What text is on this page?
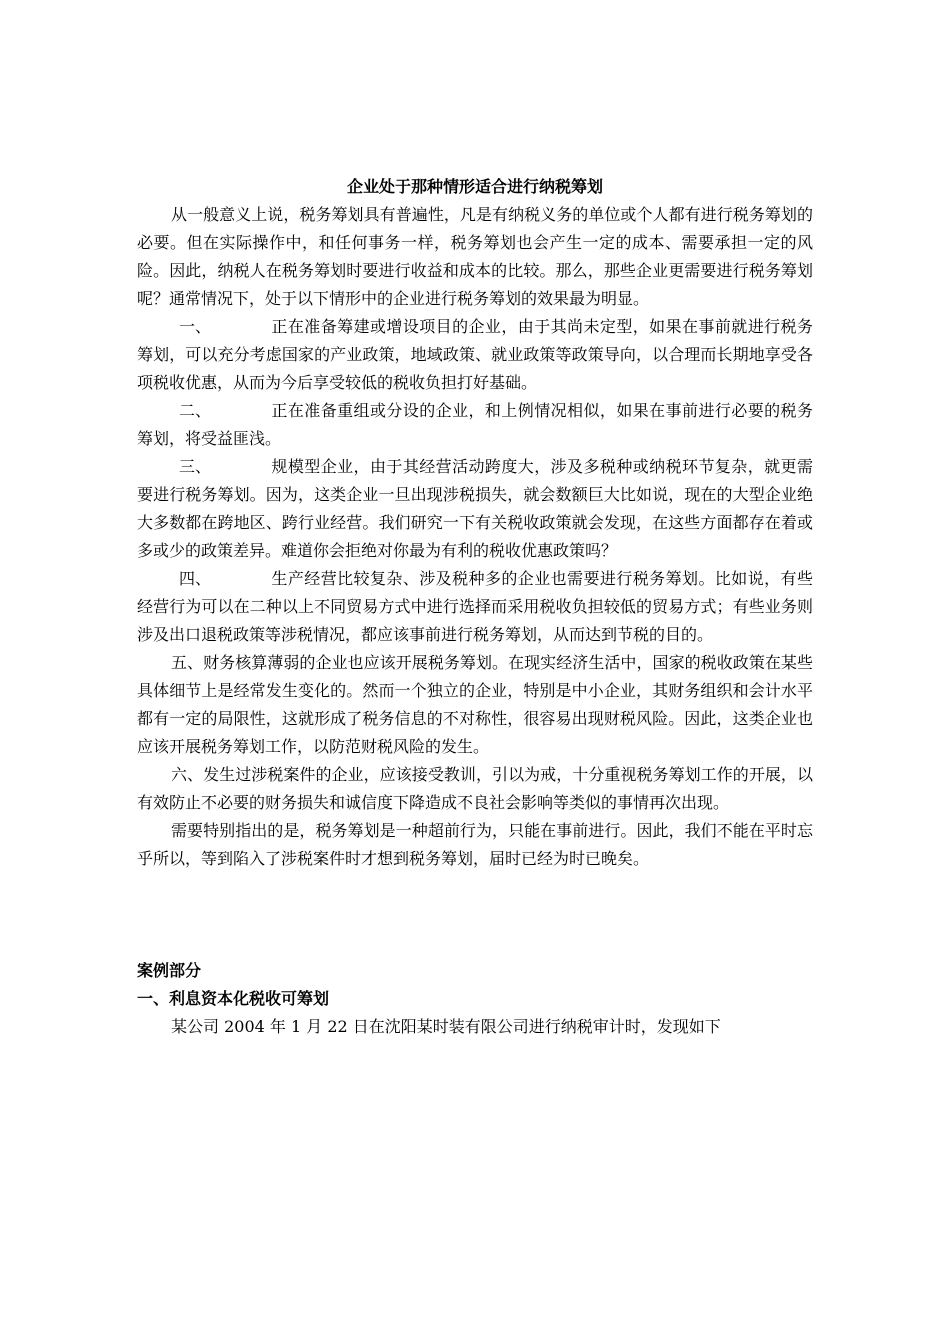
企业处于那种情形适合进行纳税筹划

从一般意义上说，税务筹划具有普遍性，凡是有纳税义务的单位或个人都有进行税务筹划的必要。但在实际操作中，和任何事务一样，税务筹划也会产生一定的成本、需要承担一定的风险。因此，纳税人在税务筹划时要进行收益和成本的比较。那么，那些企业更需要进行税务筹划呢？通常情况下，处于以下情形中的企业进行税务筹划的效果最为明显。

一、	正在准备筹建或增设项目的企业，由于其尚未定型，如果在事前就进行税务筹划，可以充分考虑国家的产业政策，地域政策、就业政策等政策导向，以合理而长期地享受各项税收优惠，从而为今后享受较低的税收负担打好基础。

二、	正在准备重组或分设的企业，和上例情况相似，如果在事前进行必要的税务筹划，将受益匪浅。

三、	规模型企业，由于其经营活动跨度大，涉及多税种或纳税环节复杂，就更需要进行税务筹划。因为，这类企业一旦出现涉税损失，就会数额巨大比如说，现在的大型企业绝大多数都在跨地区、跨行业经营。我们研究一下有关税收政策就会发现，在这些方面都存在着或多或少的政策差异。难道你会拒绝对你最为有利的税收优惠政策吗？

四、	生产经营比较复杂、涉及税种多的企业也需要进行税务筹划。比如说，有些经营行为可以在二种以上不同贸易方式中进行选择而采用税收负担较低的贸易方式；有些业务则涉及出口退税政策等涉税情况，都应该事前进行税务筹划，从而达到节税的目的。

五、财务核算薄弱的企业也应该开展税务筹划。在现实经济生活中，国家的税收政策在某些具体细节上是经常发生变化的。然而一个独立的企业，特别是中小企业，其财务组织和会计水平都有一定的局限性，这就形成了税务信息的不对称性，很容易出现财税风险。因此，这类企业也应该开展税务筹划工作，以防范财税风险的发生。

六、发生过涉税案件的企业，应该接受教训，引以为戒，十分重视税务筹划工作的开展，以有效防止不必要的财务损失和诚信度下降造成不良社会影响等类似的事情再次出现。

需要特别指出的是，税务筹划是一种超前行为，只能在事前进行。因此，我们不能在平时忘乎所以，等到陷入了涉税案件时才想到税务筹划，届时已经为时已晚矣。

案例部分

一、利息资本化税收可筹划

某公司 2004 年 1 月 22 日在沈阳某时装有限公司进行纳税审计时，发现如下
